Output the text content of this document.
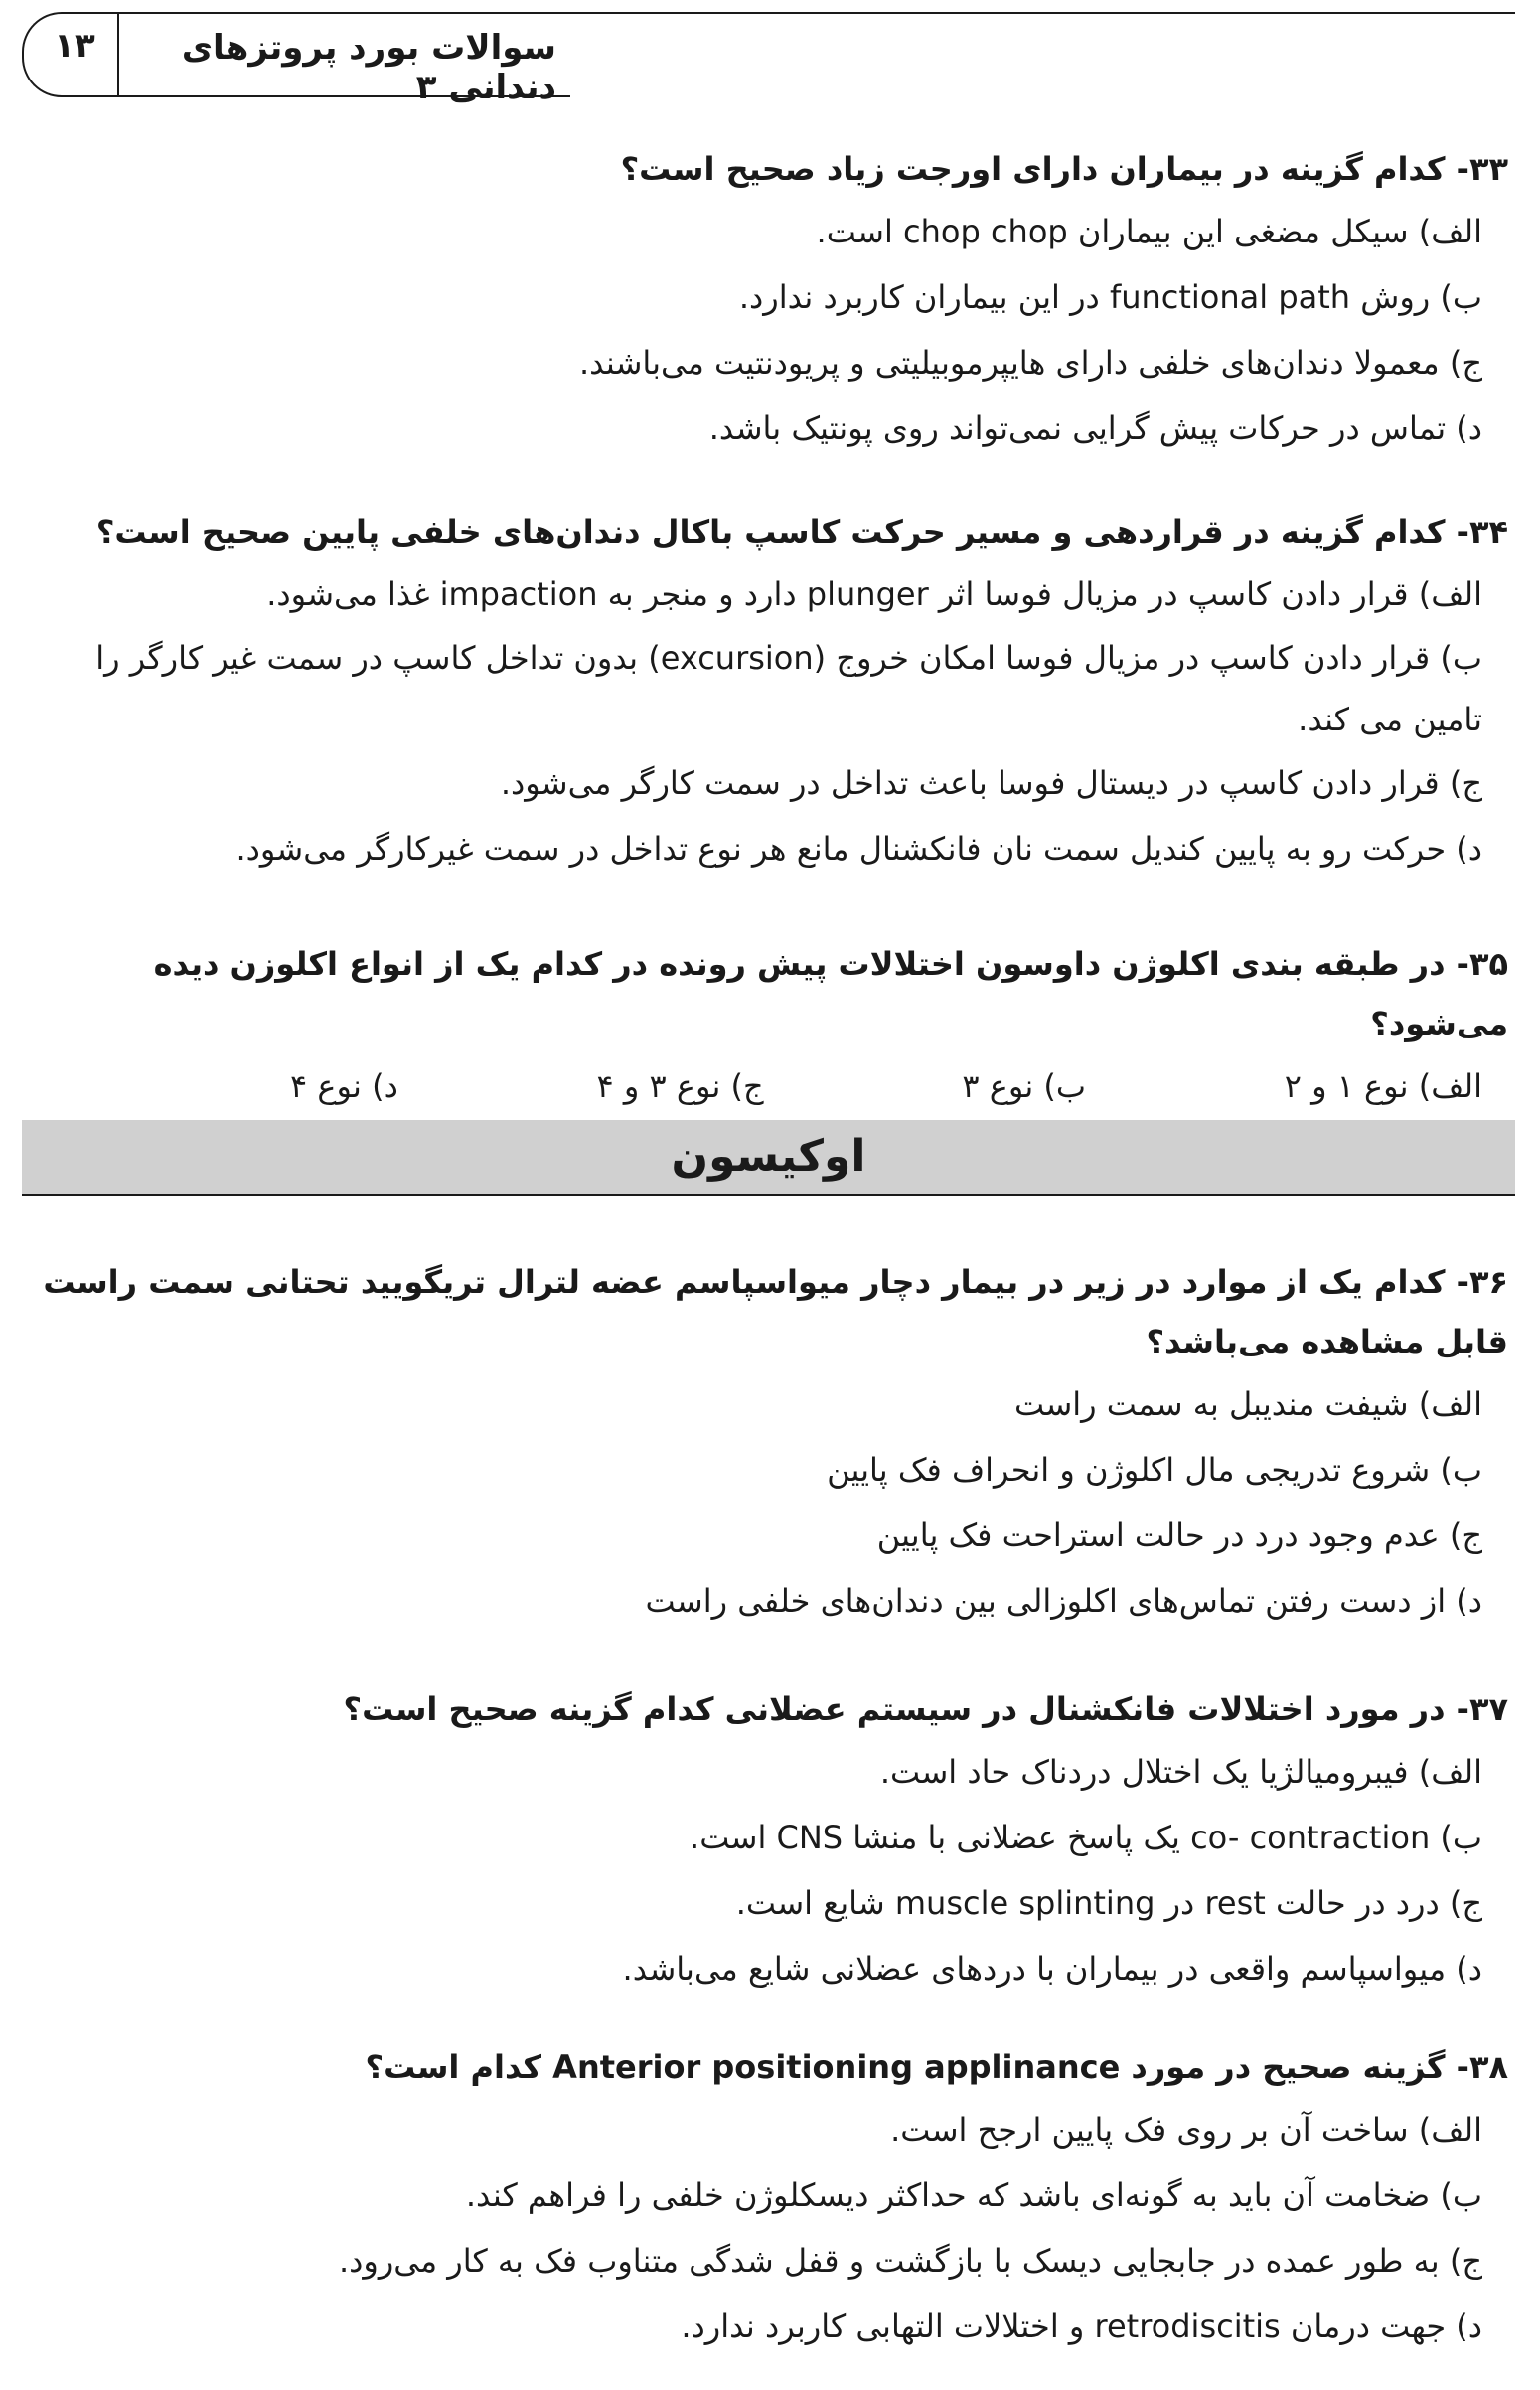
۱۳	سوالات بورد پروتزهای دندانی ۳
۳۳- کدام گزینه در بیماران دارای اورجت زیاد صحیح است؟
الف) سیکل مضغی این بیماران chop chop است.
ب) روش functional path در این بیماران کاربرد ندارد.
ج) معمولا دندان‌های خلفی دارای هایپرموبیلیتی و پریودنتیت می‌باشند.
د) تماس در حرکات پیش گرایی نمی‌تواند روی پونتیک باشد.
۳۴- کدام گزینه در قراردهی و مسیر حرکت کاسپ باکال دندان‌های خلفی پایین صحیح است؟
الف) قرار دادن کاسپ در مزیال فوسا اثر plunger دارد و منجر به impaction غذا می‌شود.
ب) قرار دادن کاسپ در مزیال فوسا امکان خروج (excursion) بدون تداخل کاسپ در سمت غیر کارگر را تامین می کند.
ج) قرار دادن کاسپ در دیستال فوسا باعث تداخل در سمت کارگر می‌شود.
د) حرکت رو به پایین کندیل سمت نان فانکشنال مانع هر نوع تداخل در سمت غیرکارگر می‌شود.
۳۵- در طبقه بندی اکلوژن داوسون اختلالات پیش رونده در کدام یک از انواع اکلوزن دیده می‌شود؟
الف) نوع ۱ و ۲
ب) نوع ۳
ج) نوع ۳ و ۴
د) نوع ۴
اوکیسون
۳۶- کدام یک از موارد در زیر در بیمار دچار میواسپاسم عضه لترال تریگویید تحتانی سمت راست قابل مشاهده می‌باشد؟
الف) شیفت مندیبل به سمت راست
ب) شروع تدریجی مال اکلوژن و انحراف فک پایین
ج) عدم وجود درد در حالت استراحت فک پایین
د) از دست رفتن تماس‌های اکلوزالی بین دندان‌های خلفی راست
۳۷- در مورد اختلالات فانکشنال در سیستم عضلانی کدام گزینه صحیح است؟
الف) فیبرومیالژیا یک اختلال دردناک حاد است.
ب) co- contraction یک پاسخ عضلانی با منشا CNS است.
ج) درد در حالت rest در muscle splinting شایع است.
د) میواسپاسم واقعی در بیماران با دردهای عضلانی شایع می‌باشد.
۳۸- گزینه صحیح در مورد Anterior positioning applinance کدام است؟
الف) ساخت آن بر روی فک پایین ارجح است.
ب) ضخامت آن باید به گونه‌ای باشد که حداکثر دیسکلوژن خلفی را فراهم کند.
ج) به طور عمده در جابجایی دیسک با بازگشت و قفل شدگی متناوب فک به کار می‌رود.
د) جهت درمان retrodiscitis و اختلالات التهابی کاربرد ندارد.
